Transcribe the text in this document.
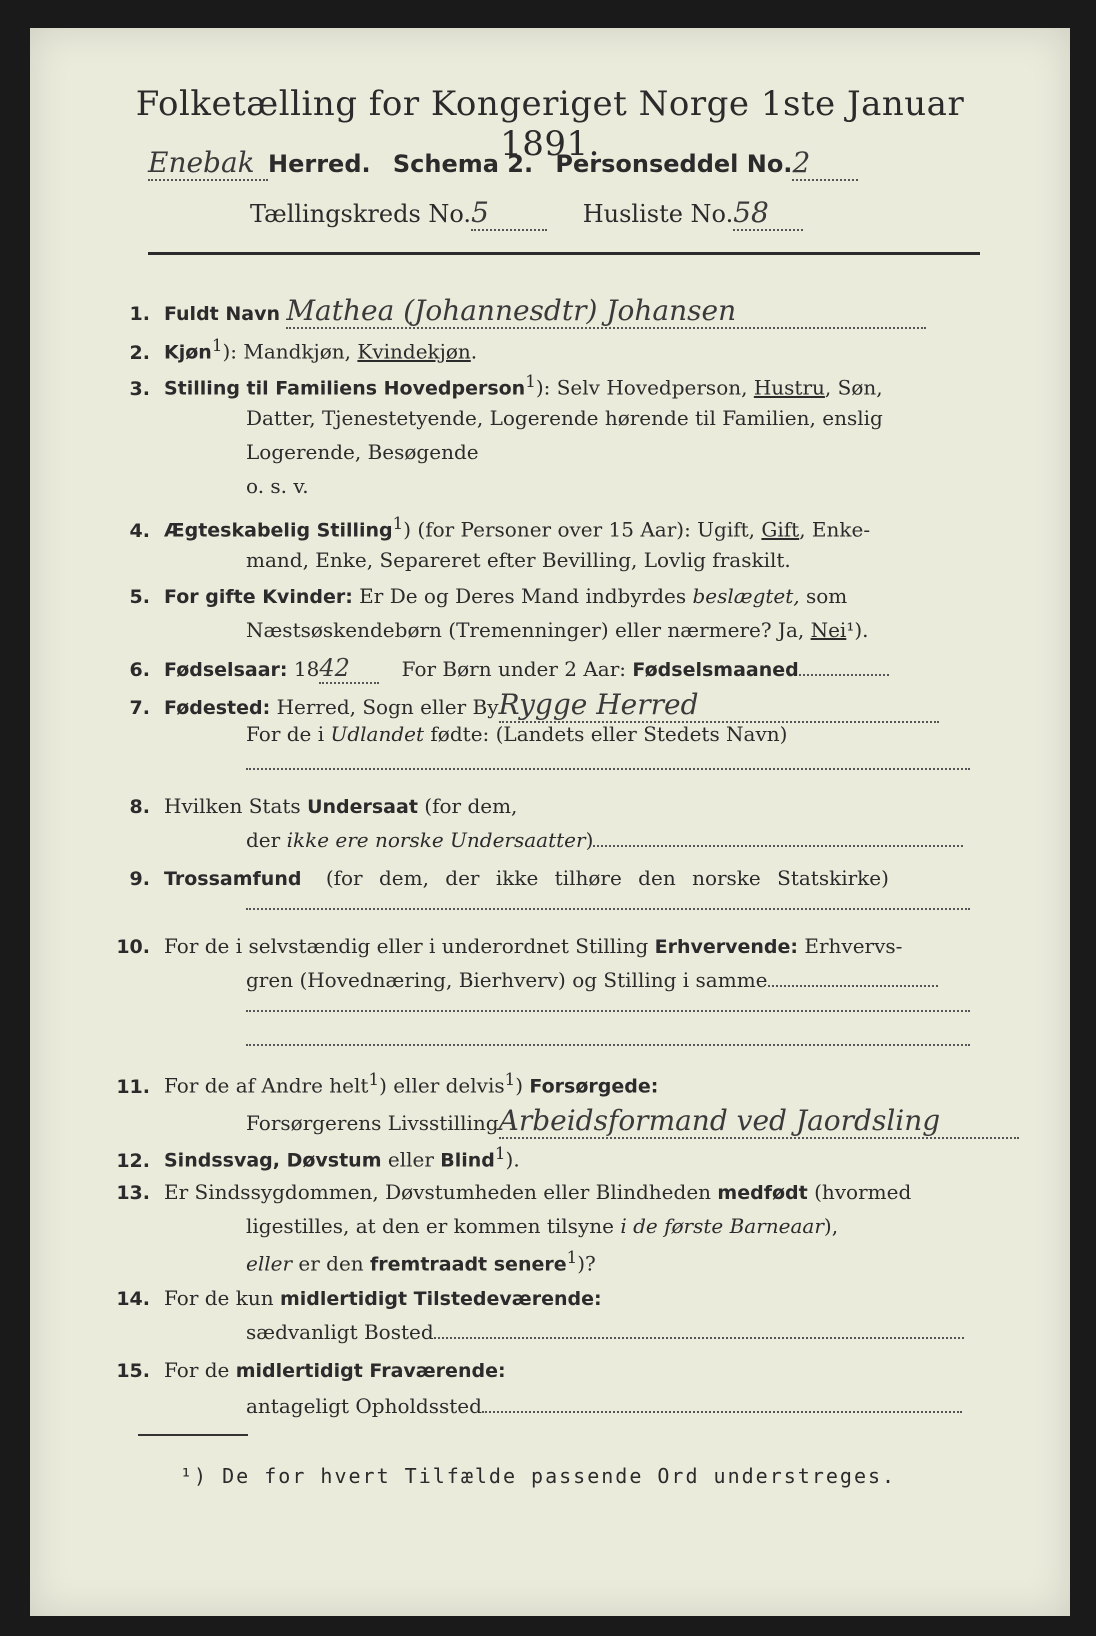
Folketælling for Kongeriget Norge 1ste Januar 1891.
Enebak Herred. Schema 2. Personseddel No.2
Tællingskreds No.5	Husliste No.58
1. Fuldt Navn Mathea (Johannesdtr) Johansen
2. Kjøn$^1$): Mandkjøn, Kvindekjøn.
3. Stilling til Familiens Hovedperson$^1$): Selv Hovedperson, Hustru, Søn,
Datter, Tjenestetyende, Logerende hørende til Familien, enslig
Logerende, Besøgende
o. s. v.
4. Ægteskabelig Stilling$^1$) (for Personer over 15 Aar): Ugift, Gift, Enke-
mand, Enke, Separeret efter Bevilling, Lovlig fraskilt.
5. For gifte Kvinder: Er De og Deres Mand indbyrdes beslægtet, som
Næstsøskendebørn (Tremenninger) eller nærmere? Ja, Nei¹).
6. Fødselsaar: 1842	For Børn under 2 Aar: Fødselsmaaned
7. Fødested: Herred, Sogn eller ByRygge Herred
For de i Udlandet fødte: (Landets eller Stedets Navn)
8. Hvilken Stats Undersaat (for dem,
der ikke ere norske Undersaatter)
9. Trossamfund (for dem, der ikke tilhøre den norske Statskirke)
10. For de i selvstændig eller i underordnet Stilling Erhvervende: Erhvervs-
gren (Hovednæring, Bierhverv) og Stilling i samme
11. For de af Andre helt$^1$) eller delvis$^1$) Forsørgede:
Forsørgerens LivsstillingArbeidsformand ved Jaordsling
12. Sindssvag, Døvstum eller Blind$^1$).
13. Er Sindssygdommen, Døvstumheden eller Blindheden medfødt (hvormed
ligestilles, at den er kommen tilsyne i de første Barneaar),
eller er den fremtraadt senere$^1$)?
14. For de kun midlertidigt Tilstedeværende:
sædvanligt Bosted
15. For de midlertidigt Fraværende:
antageligt Opholdssted
¹) De for hvert Tilfælde passende Ord understreges.
